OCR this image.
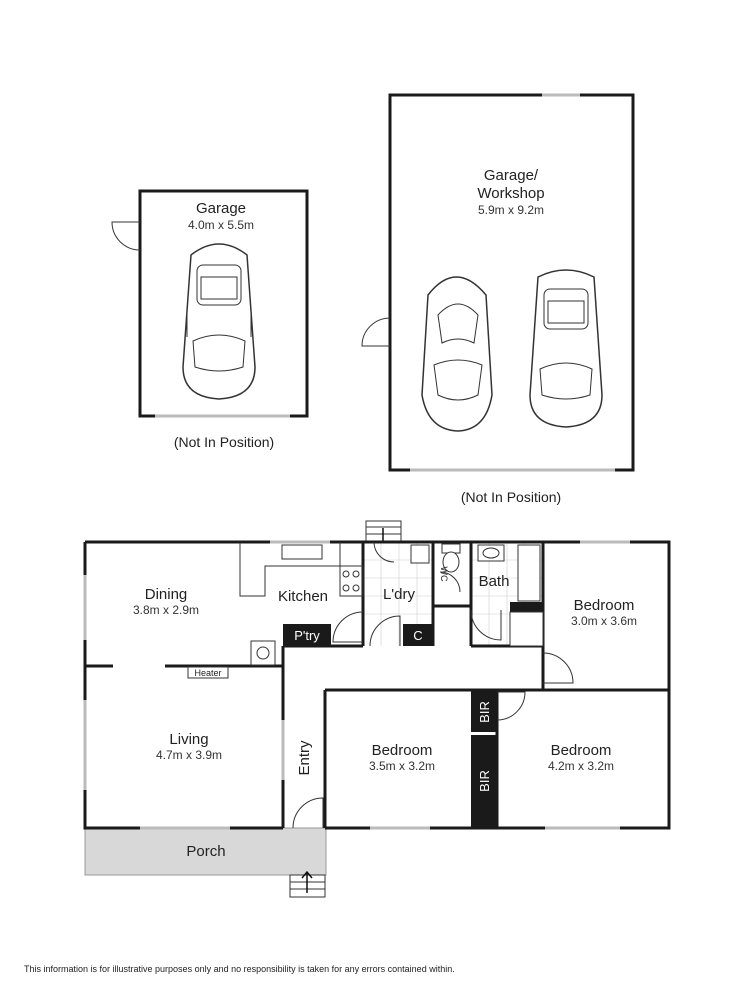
Garage
4.0m x 5.5m
(Not In Position)
Garage/
Workshop
5.9m x 9.2m
(Not In Position)
Porch
P'try	C
BIR
BIR
Heater
Dining
3.8m x 2.9m
Kitchen	L'dry
WC Bath
Bedroom
3.0m x 3.6m
Living
4.7m x 3.9m	Entry	Bedroom
3.5m x 3.2m
Bedroom
4.2m x 3.2m
This information is for illustrative purposes only and no responsibility is taken for any errors contained within.
